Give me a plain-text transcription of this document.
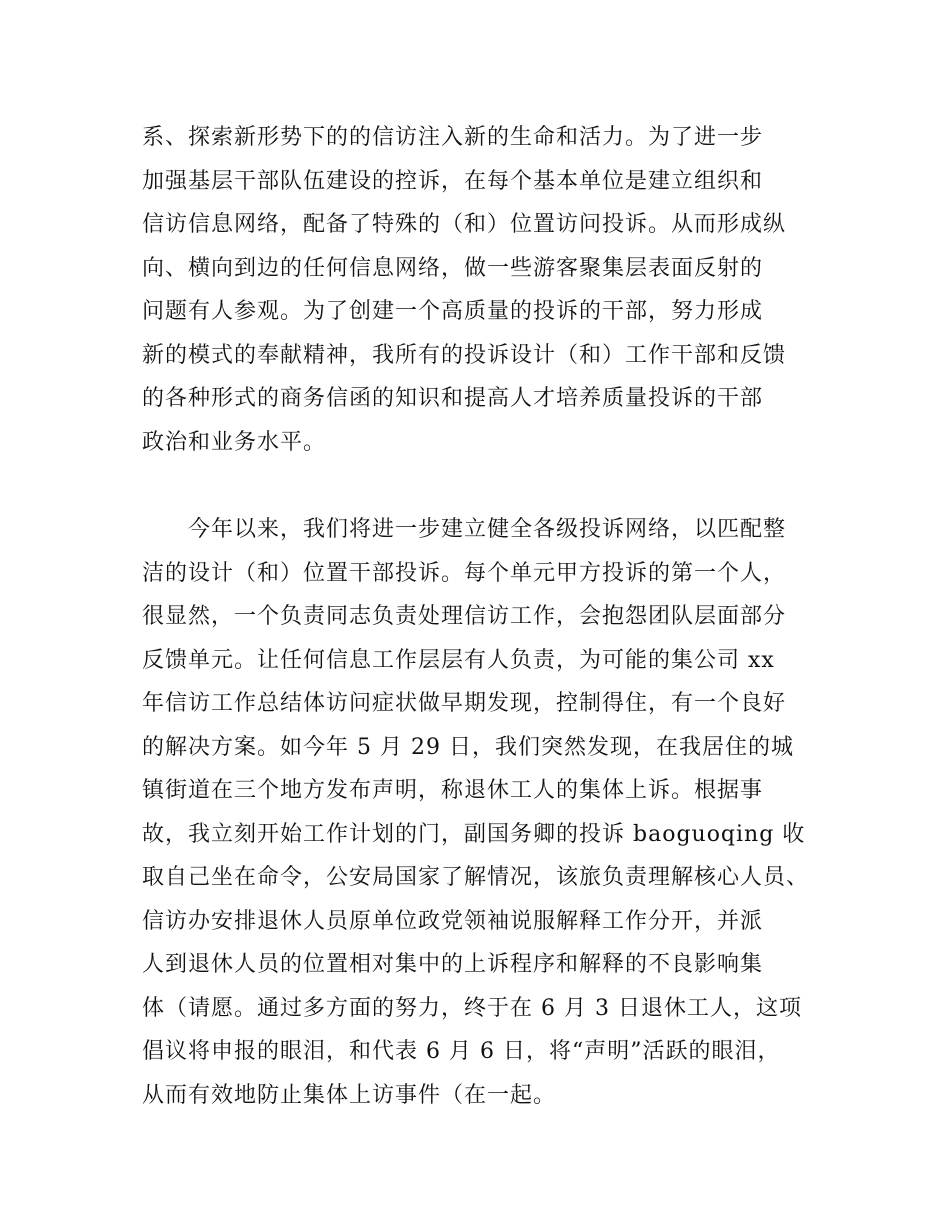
系、探索新形势下的的信访注入新的生命和活力。为了进一步
加强基层干部队伍建设的控诉，在每个基本单位是建立组织和
信访信息网络，配备了特殊的（和）位置访问投诉。从而形成纵
向、横向到边的任何信息网络，做一些游客聚集层表面反射的
问题有人参观。为了创建一个高质量的投诉的干部，努力形成
新的模式的奉献精神，我所有的投诉设计（和）工作干部和反馈
的各种形式的商务信函的知识和提高人才培养质量投诉的干部
政治和业务水平。
今年以来，我们将进一步建立健全各级投诉网络，以匹配整
洁的设计（和）位置干部投诉。每个单元甲方投诉的第一个人，
很显然，一个负责同志负责处理信访工作，会抱怨团队层面部分
反馈单元。让任何信息工作层层有人负责，为可能的集公司 xx
年信访工作总结体访问症状做早期发现，控制得住，有一个良好
的解决方案。如今年 5 月 29 日，我们突然发现，在我居住的城
镇街道在三个地方发布声明，称退休工人的集体上诉。根据事
故，我立刻开始工作计划的门，副国务卿的投诉 baoguoqing 收
取自己坐在命令，公安局国家了解情况，该旅负责理解核心人员、
信访办安排退休人员原单位政党领袖说服解释工作分开，并派
人到退休人员的位置相对集中的上诉程序和解释的不良影响集
体（请愿。通过多方面的努力，终于在 6 月 3 日退休工人，这项
倡议将申报的眼泪，和代表 6 月 6 日，将“声明”活跃的眼泪，
从而有效地防止集体上访事件（在一起。
